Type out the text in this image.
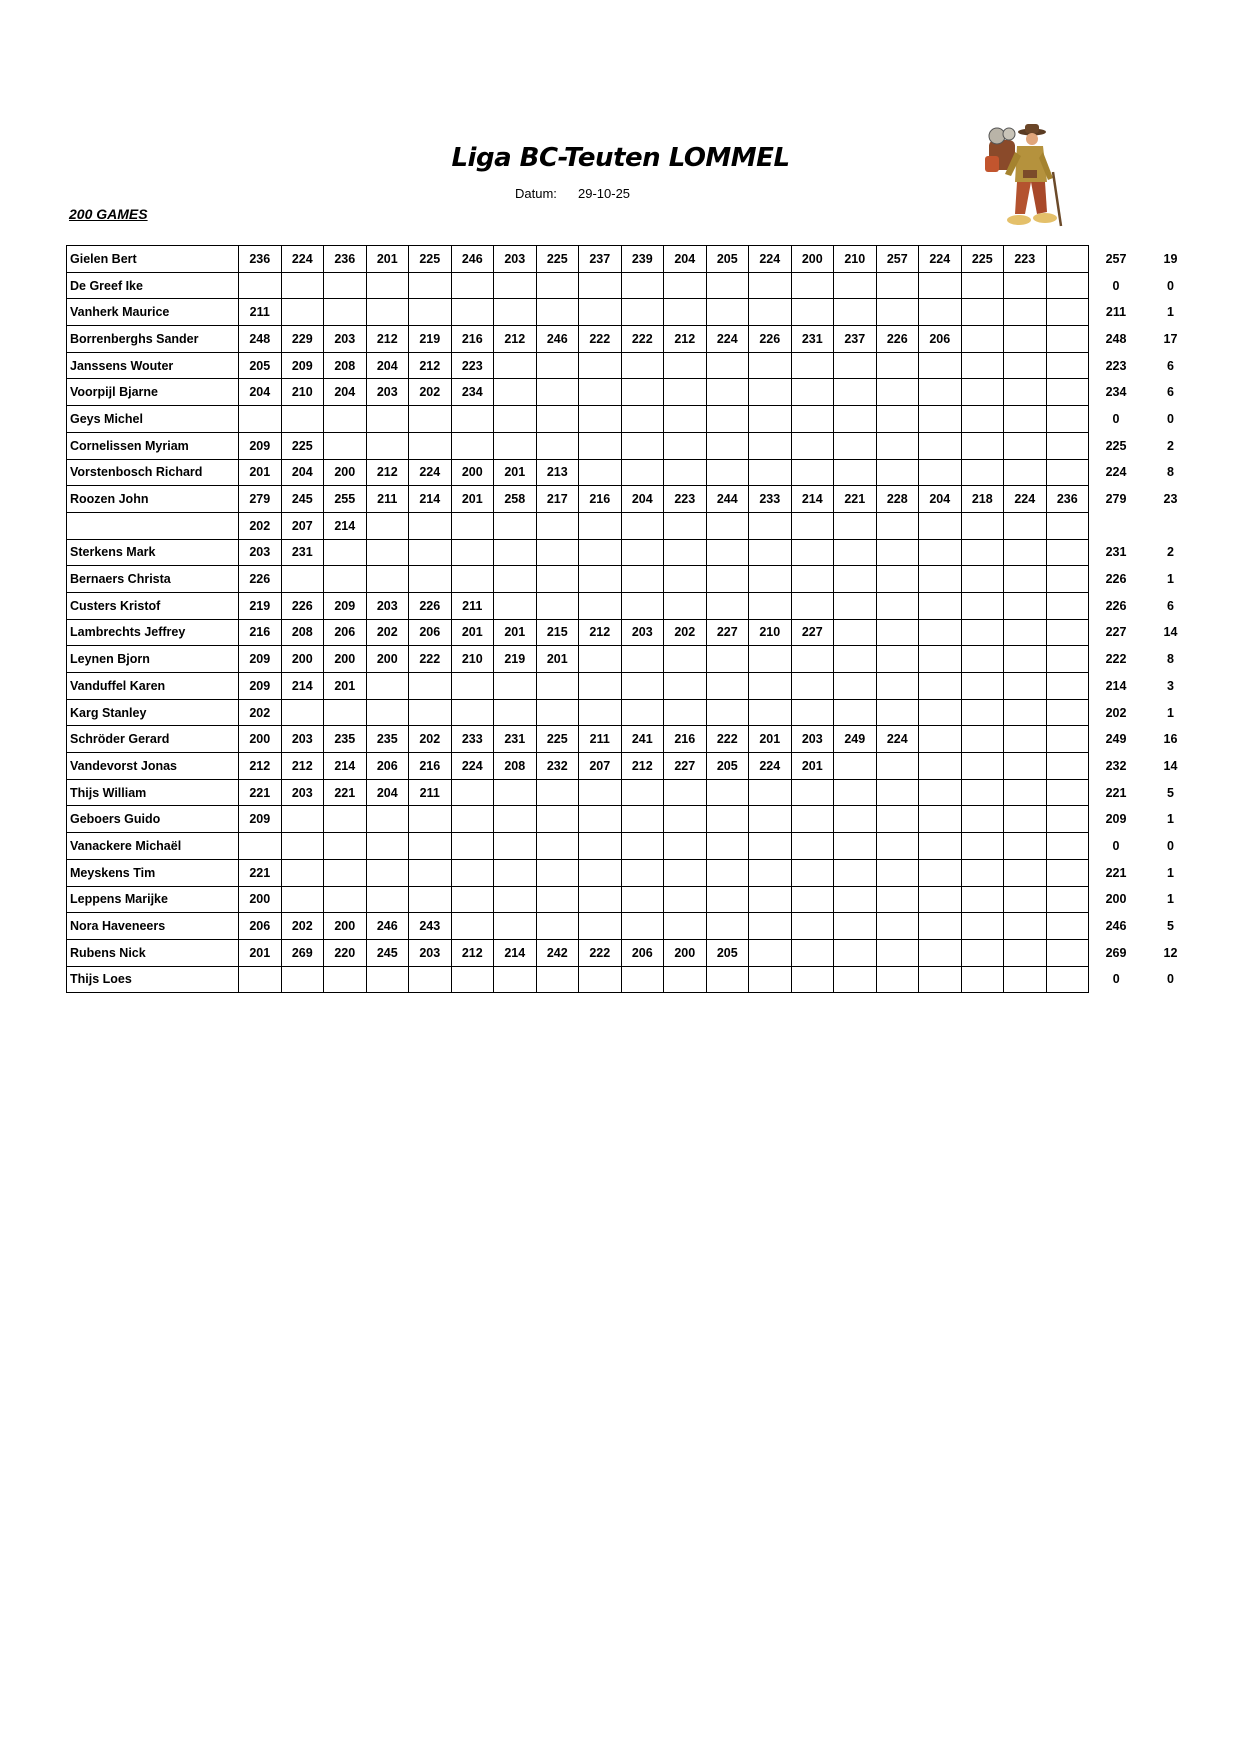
Liga BC-Teuten LOMMEL
Datum: 29-10-25
200 GAMES
Gielen Bert	236	224	236	201	225	246	203	225	237	239	204	205	224	200	210	257	224	225	223		257	19
De Greef Ike																					0	0
Vanherk Maurice	211																				211	1
Borrenberghs Sander	248	229	203	212	219	216	212	246	222	222	212	224	226	231	237	226	206				248	17
Janssens Wouter	205	209	208	204	212	223															223	6
Voorpijl Bjarne	204	210	204	203	202	234															234	6
Geys Michel																					0	0
Cornelissen Myriam	209	225																			225	2
Vorstenbosch Richard	201	204	200	212	224	200	201	213													224	8
Roozen John	279	245	255	211	214	201	258	217	216	204	223	244	233	214	221	228	204	218	224	236	279	23
	202	207	214																			
Sterkens Mark	203	231																			231	2
Bernaers Christa	226																				226	1
Custers Kristof	219	226	209	203	226	211															226	6
Lambrechts Jeffrey	216	208	206	202	206	201	201	215	212	203	202	227	210	227							227	14
Leynen Bjorn	209	200	200	200	222	210	219	201													222	8
Vanduffel Karen	209	214	201																		214	3
Karg Stanley	202																				202	1
Schröder Gerard	200	203	235	235	202	233	231	225	211	241	216	222	201	203	249	224					249	16
Vandevorst Jonas	212	212	214	206	216	224	208	232	207	212	227	205	224	201							232	14
Thijs William	221	203	221	204	211																221	5
Geboers Guido	209																				209	1
Vanackere Michaël																					0	0
Meyskens Tim	221																				221	1
Leppens Marijke	200																				200	1
Nora Haveneers	206	202	200	246	243																246	5
Rubens Nick	201	269	220	245	203	212	214	242	222	206	200	205									269	12
Thijs Loes																					0	0
